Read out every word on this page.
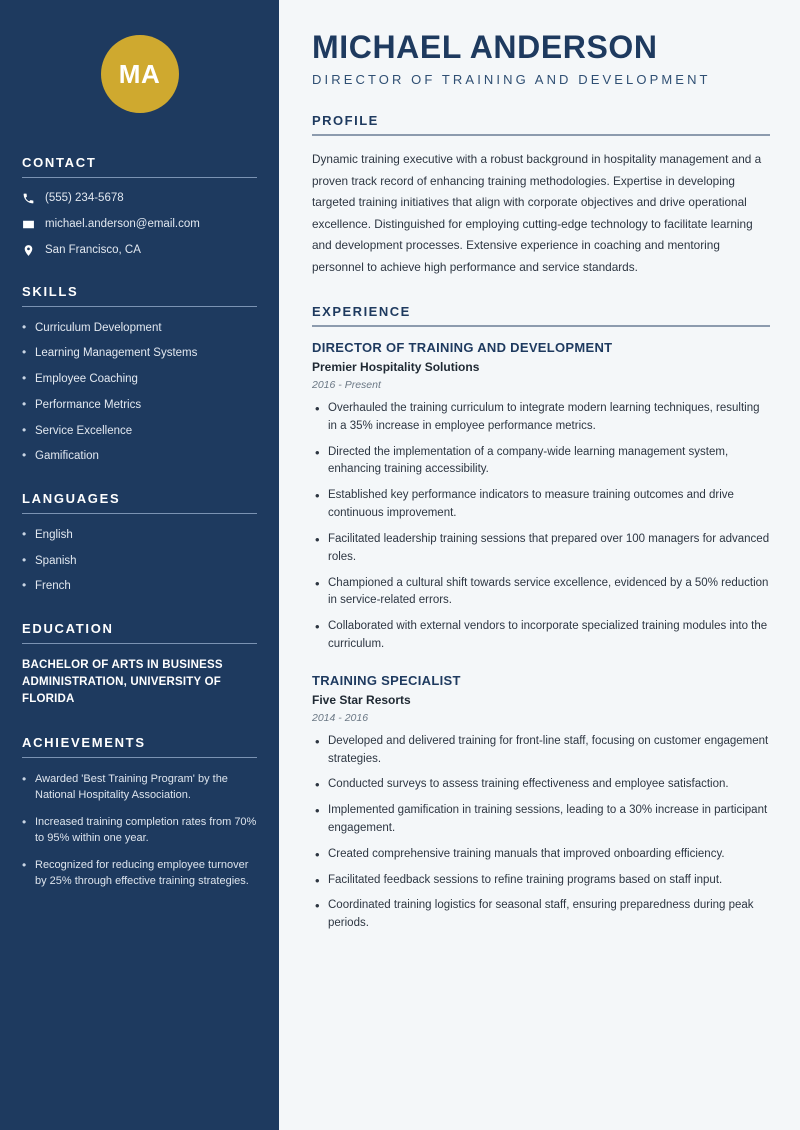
MA
CONTACT
(555) 234-5678
michael.anderson@email.com
San Francisco, CA
SKILLS
• Curriculum Development
• Learning Management Systems
• Employee Coaching
• Performance Metrics
• Service Excellence
• Gamification
LANGUAGES
• English
• Spanish
• French
EDUCATION
BACHELOR OF ARTS IN BUSINESS ADMINISTRATION, UNIVERSITY OF FLORIDA
ACHIEVEMENTS
• Awarded 'Best Training Program' by the National Hospitality Association.
• Increased training completion rates from 70% to 95% within one year.
• Recognized for reducing employee turnover by 25% through effective training strategies.
MICHAEL ANDERSON
DIRECTOR OF TRAINING AND DEVELOPMENT
PROFILE

Dynamic training executive with a robust background in hospitality management and a proven track record of enhancing training methodologies. Expertise in developing targeted training initiatives that align with corporate objectives and drive operational excellence. Distinguished for employing cutting-edge technology to facilitate learning and development processes. Extensive experience in coaching and mentoring personnel to achieve high performance and service standards.

EXPERIENCE
DIRECTOR OF TRAINING AND DEVELOPMENT
Premier Hospitality Solutions
2016 - Present
• Overhauled the training curriculum to integrate modern learning techniques, resulting in a 35% increase in employee performance metrics.
• Directed the implementation of a company-wide learning management system, enhancing training accessibility.
• Established key performance indicators to measure training outcomes and drive continuous improvement.
• Facilitated leadership training sessions that prepared over 100 managers for advanced roles.
• Championed a cultural shift towards service excellence, evidenced by a 50% reduction in service-related errors.
• Collaborated with external vendors to incorporate specialized training modules into the curriculum.
TRAINING SPECIALIST
Five Star Resorts
2014 - 2016
• Developed and delivered training for front-line staff, focusing on customer engagement strategies.
• Conducted surveys to assess training effectiveness and employee satisfaction.
• Implemented gamification in training sessions, leading to a 30% increase in participant engagement.
• Created comprehensive training manuals that improved onboarding efficiency.
• Facilitated feedback sessions to refine training programs based on staff input.
• Coordinated training logistics for seasonal staff, ensuring preparedness during peak periods.
